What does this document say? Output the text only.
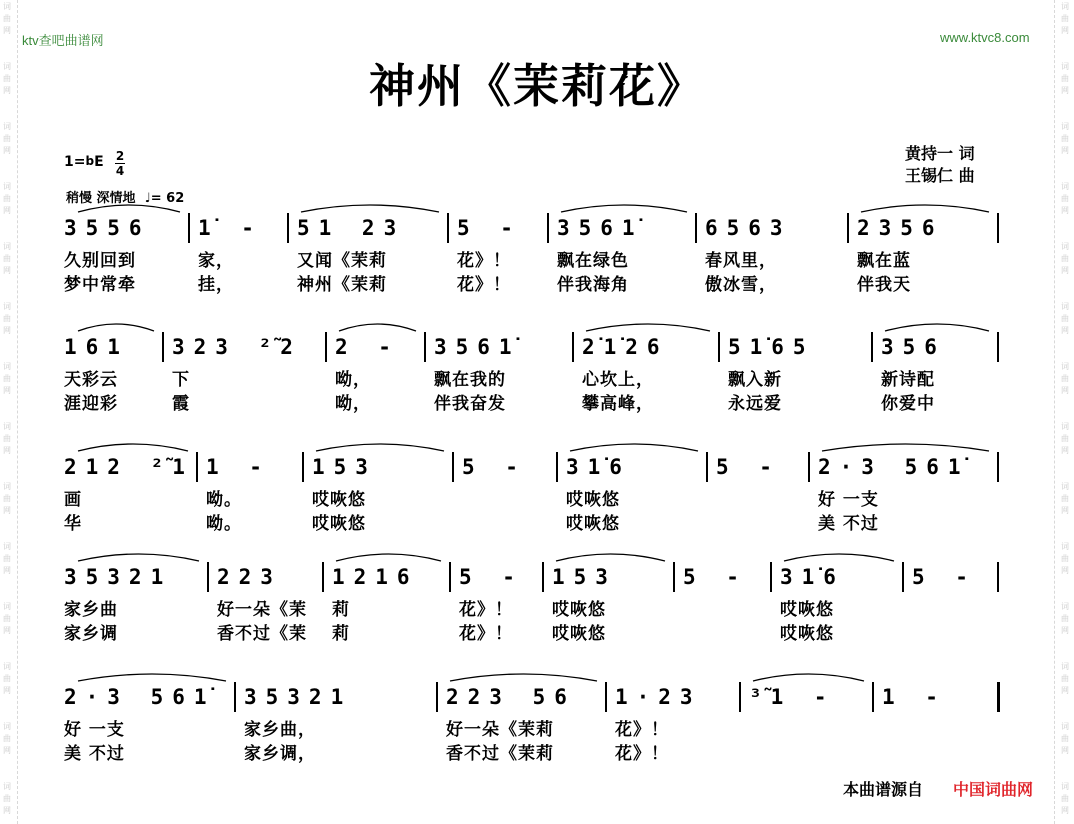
词
曲
网
词
曲
网
词
曲
网
词
曲
网
词
曲
网
词
曲
网
词
曲
网
词
曲
网
词
曲
网
词
曲
网
词
曲
网
词
曲
网
词
曲
网
词
曲
网
词
曲
网
词
曲
网
词
曲
网
词
曲
网
词
曲
网
词
曲
网
词
曲
网
词
曲
网
词
曲
网
词
曲
网
词
曲
网
词
曲
网
词
曲
网
词
曲
网
ktv查吧曲谱网	www.ktvc8.com
神州《茉莉花》
黄持一 词
王锡仁 曲
1=bE 2
4
稍慢 深情地 ♩= 62
3556
久别回到
梦中常牵
1̇ -
家，
挂，
51 23
又闻《茉莉
神州《茉莉
5 -
花》！
花》！
3561̇
飘在绿色
伴我海角
6563
春风里，
傲冰雪，
2356
飘在蓝
伴我天
161
天彩云
涯迎彩
323 ²̃2
下
霞
2 -
呦，
呦，
3561̇
飘在我的
伴我奋发
2̇1̇26
心坎上，
攀高峰，
51̇65
飘入新
永远爱
356
新诗配
你爱中
212 ²̃1
画
华
1 -
呦。
呦。
153
哎咴悠
哎咴悠
5 - 31̇6
哎咴悠
哎咴悠
5 - 2·3 561̇
好 一支
美 不过
35321
家乡曲
家乡调
223
好一朵《茉
香不过《茉
1216
莉
莉
5 -
花》！
花》！
153
哎咴悠
哎咴悠
5 - 31̇6
哎咴悠
哎咴悠
5 -
2·3 561̇
好 一支
美 不过
35321
家乡曲，
家乡调，
223 56
好一朵《茉莉
香不过《茉莉
1·23
花》！
花》！
³̃1 - 1 -
本曲谱源自 中国词曲网
